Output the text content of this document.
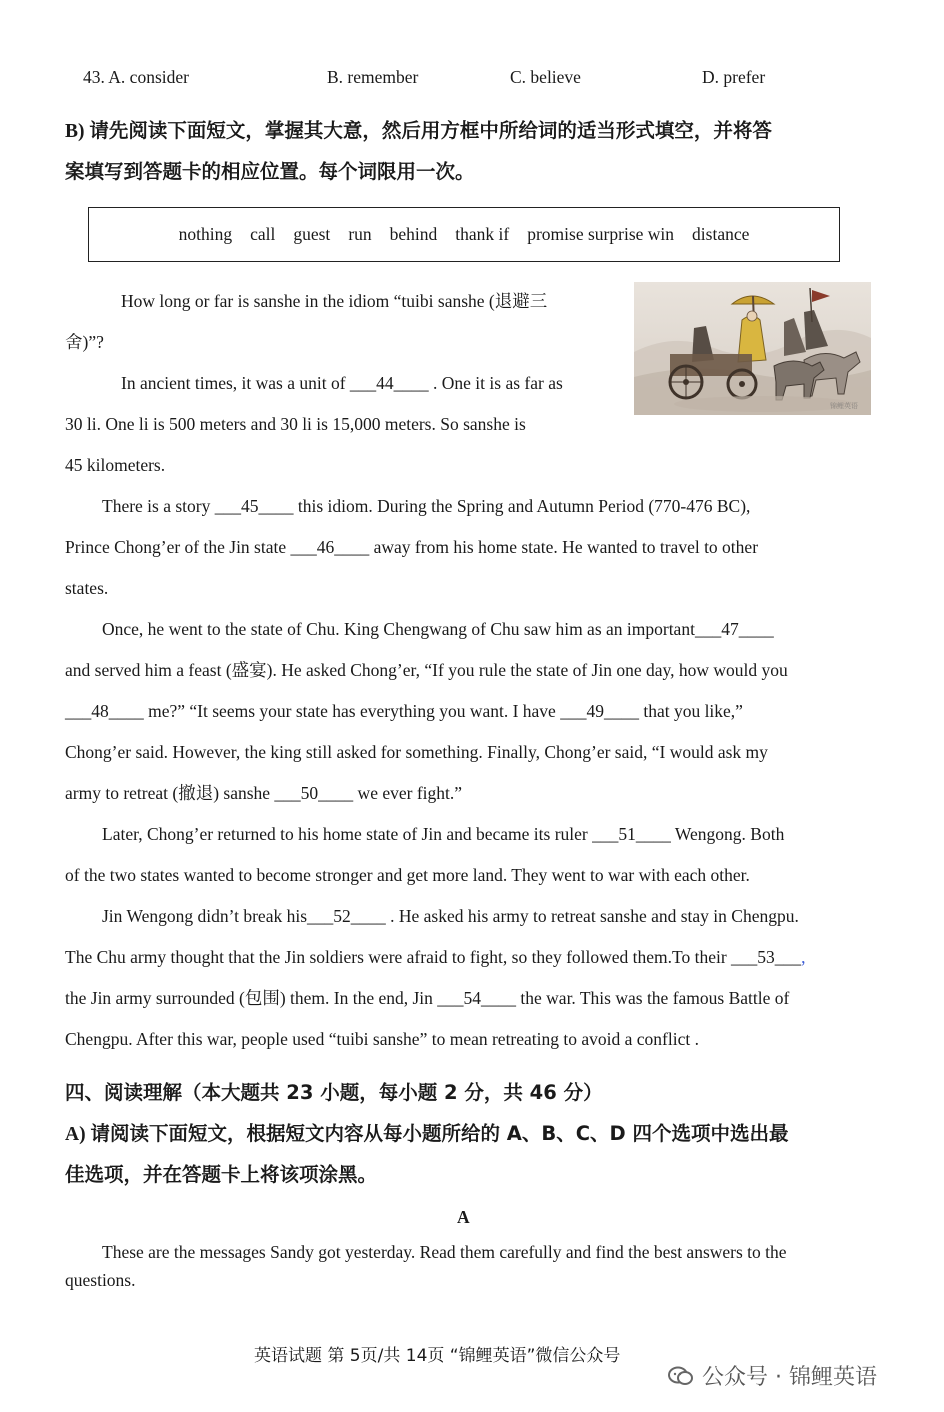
43. A. consider	B. remember	C. believe	D. prefer
B) 请先阅读下面短文，掌握其大意，然后用方框中所给词的适当形式填空，并将答
案填写到答题卡的相应位置。每个词限用一次。
nothing call guest run behind thank if promise surprise win distance
锦鲤英语
How long or far is sanshe in the idiom “tuibi sanshe (退避三
舍)”?
In ancient times, it was a unit of ___44____ . One it is as far as
30 li. One li is 500 meters and 30 li is 15,000 meters. So sanshe is
45 kilometers.
There is a story ___45____ this idiom. During the Spring and Autumn Period (770-476 BC),
Prince Chong’er of the Jin state ___46____ away from his home state. He wanted to travel to other
states.
Once, he went to the state of Chu. King Chengwang of Chu saw him as an important___47____
and served him a feast (盛宴). He asked Chong’er, “If you rule the state of Jin one day, how would you
___48____ me?” “It seems your state has everything you want. I have ___49____ that you like,”
Chong’er said. However, the king still asked for something. Finally, Chong’er said, “I would ask my
army to retreat (撤退) sanshe ___50____ we ever fight.”
Later, Chong’er returned to his home state of Jin and became its ruler ___51____ Wengong. Both
of the two states wanted to become stronger and get more land. They went to war with each other.
Jin Wengong didn’t break his___52____ . He asked his army to retreat sanshe and stay in Chengpu.
The Chu army thought that the Jin soldiers were afraid to fight, so they followed them.To their ___53___,
the Jin army surrounded (包围) them. In the end, Jin ___54____ the war. This was the famous Battle of
Chengpu. After this war, people used “tuibi sanshe” to mean retreating to avoid a conflict .
四、阅读理解（本大题共 23 小题，每小题 2 分，共 46 分）
A) 请阅读下面短文，根据短文内容从每小题所给的 A、B、C、D 四个选项中选出最
佳选项，并在答题卡上将该项涂黑。
A
These are the messages Sandy got yesterday. Read them carefully and find the best answers to the
questions.
英语试题 第 5页/共 14页 “锦鲤英语”微信公众号
公众号 · 锦鲤英语
